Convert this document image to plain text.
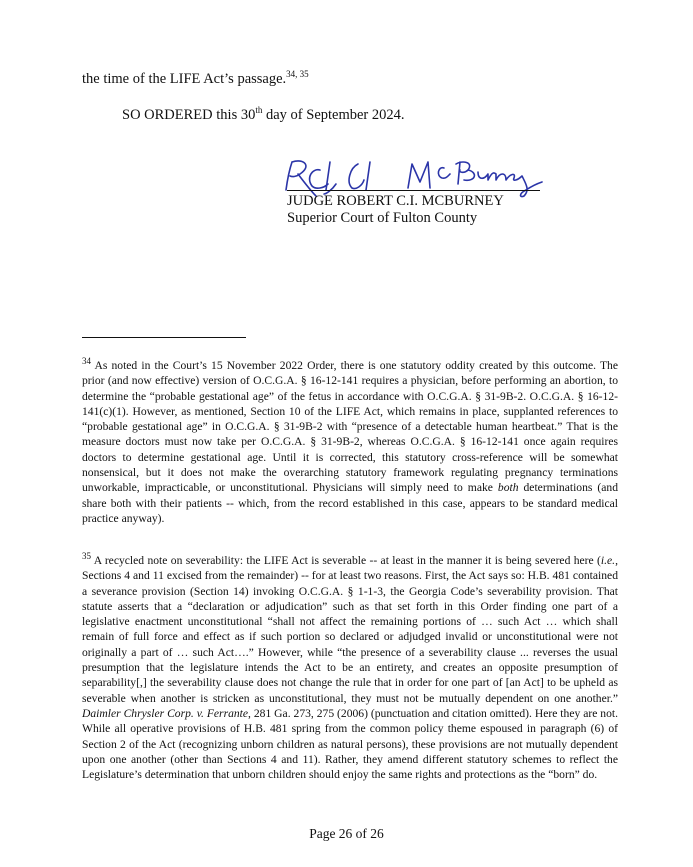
the time of the LIFE Act’s passage.$^{34, 35}$
SO ORDERED this 30th day of September 2024.
JUDGE ROBERT C.I. MCBURNEY
Superior Court of Fulton County

$^{34}$ As noted in the Court’s 15 November 2022 Order, there is one statutory oddity created by this outcome. The prior (and now effective) version of O.C.G.A. § 16-12-141 requires a physician, before performing an abortion, to determine the “probable gestational age” of the fetus in accordance with O.C.G.A. § 31-9B-2. O.C.G.A. § 16-12-141(c)(1). However, as mentioned, Section 10 of the LIFE Act, which remains in place, supplanted references to “probable gestational age” in O.C.G.A. § 31-9B-2 with “presence of a detectable human heartbeat.” That is the measure doctors must now take per O.C.G.A. § 31-9B-2, whereas O.C.G.A. § 16-12-141 once again requires doctors to determine gestational age. Until it is corrected, this statutory cross-reference will be somewhat nonsensical, but it does not make the overarching statutory framework regulating pregnancy terminations unworkable, impracticable, or unconstitutional. Physicians will simply need to make both determinations (and share both with their patients -- which, from the record established in this case, appears to be standard medical practice anyway).

$^{35}$ A recycled note on severability: the LIFE Act is severable -- at least in the manner it is being severed here (i.e., Sections 4 and 11 excised from the remainder) -- for at least two reasons. First, the Act says so: H.B. 481 contained a severance provision (Section 14) invoking O.C.G.A. § 1-1-3, the Georgia Code’s severability provision. That statute asserts that a “declaration or adjudication” such as that set forth in this Order finding one part of a legislative enactment unconstitutional “shall not affect the remaining portions of … such Act … which shall remain of full force and effect as if such portion so declared or adjudged invalid or unconstitutional were not originally a part of … such Act….” However, while “the presence of a severability clause ... reverses the usual presumption that the legislature intends the Act to be an entirety, and creates an opposite presumption of separability[,] the severability clause does not change the rule that in order for one part of [an Act] to be upheld as severable when another is stricken as unconstitutional, they must not be mutually dependent on one another.” Daimler Chrysler Corp. v. Ferrante, 281 Ga. 273, 275 (2006) (punctuation and citation omitted). Here they are not. While all operative provisions of H.B. 481 spring from the common policy theme espoused in paragraph (6) of Section 2 of the Act (recognizing unborn children as natural persons), these provisions are not mutually dependent upon one another (other than Sections 4 and 11). Rather, they amend different statutory schemes to reflect the Legislature’s determination that unborn children should enjoy the same rights and protections as the “born” do.

Page 26 of 26
